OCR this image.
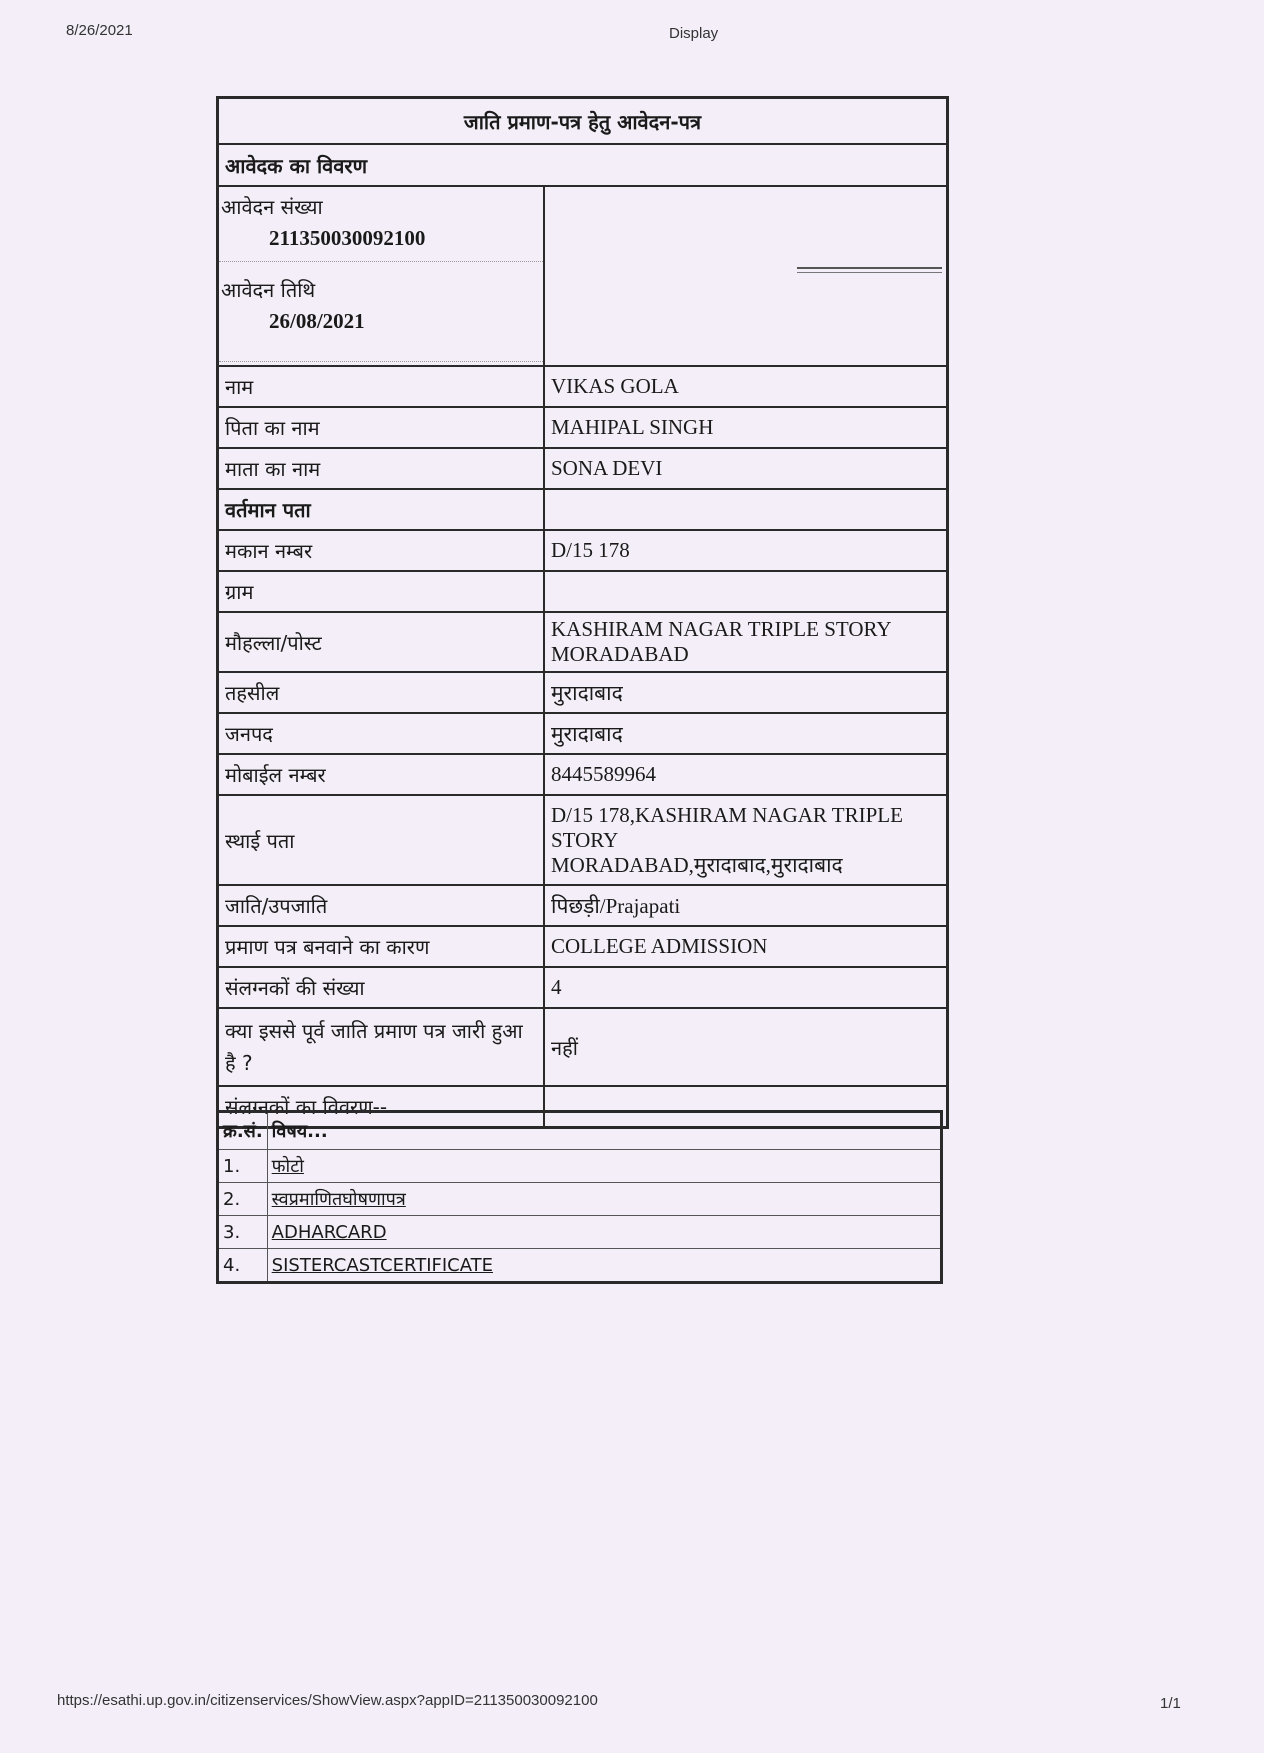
8/26/2021	Display
जाति प्रमाण-पत्र हेतु आवेदन-पत्र	
आवेदक का विवरण	

आवेदन संख्या
211350030092100
आवेदन तिथि
26/08/2021	

नाम	VIKAS GOLA
पिता का नाम	MAHIPAL SINGH
माता का नाम	SONA DEVI
वर्तमान पता	
मकान नम्बर	D/15 178
ग्राम	
मौहल्ला/पोस्ट	KASHIRAM NAGAR TRIPLE STORY MORADABAD
तहसील	मुरादाबाद
जनपद	मुरादाबाद
मोबाईल नम्बर	8445589964
स्थाई पता	D/15 178,KASHIRAM NAGAR TRIPLE STORY
MORADABAD,मुरादाबाद,मुरादाबाद

जाति/उपजाति	पिछड़ी/Prajapati
प्रमाण पत्र बनवाने का कारण	COLLEGE ADMISSION
संलग्नकों की संख्या	4
क्या इससे पूर्व जाति प्रमाण पत्र जारी हुआ है ?	नहीं
संलग्नकों का विवरण--	
क्र.सं.	विषय...
1.	फोटो
2.	स्वप्रमाणितघोषणापत्र
3.	ADHARCARD
4.	SISTERCASTCERTIFICATE
https://esathi.up.gov.in/citizenservices/ShowView.aspx?appID=211350030092100	1/1
